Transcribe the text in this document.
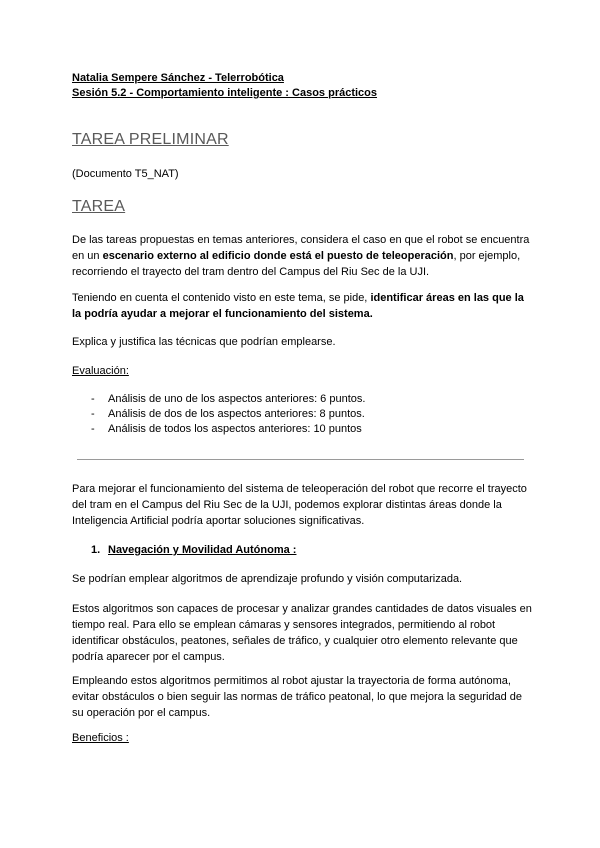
Natalia Sempere Sánchez - Telerrobótica
Sesión 5.2 - Comportamiento inteligente : Casos prácticos
TAREA PRELIMINAR
(Documento T5_NAT)
TAREA
De las tareas propuestas en temas anteriores, considera el caso en que el robot se encuentra en un escenario externo al edificio donde está el puesto de teleoperación, por ejemplo, recorriendo el trayecto del tram dentro del Campus del Riu Sec de la UJI.
Teniendo en cuenta el contenido visto en este tema, se pide, identificar áreas en las que la la podría ayudar a mejorar el funcionamiento del sistema.
Explica y justifica las técnicas que podrían emplearse.
Evaluación:
- Análisis de uno de los aspectos anteriores: 6 puntos.
- Análisis de dos de los aspectos anteriores: 8 puntos.
- Análisis de todos los aspectos anteriores: 10 puntos
Para mejorar el funcionamiento del sistema de teleoperación del robot que recorre el trayecto del tram en el Campus del Riu Sec de la UJI, podemos explorar distintas áreas donde la Inteligencia Artificial podría aportar soluciones significativas.
1. Navegación y Movilidad Autónoma :
Se podrían emplear algoritmos de aprendizaje profundo y visión computarizada.
Estos algoritmos son capaces de procesar y analizar grandes cantidades de datos visuales en tiempo real. Para ello se emplean cámaras y sensores integrados, permitiendo al robot identificar obstáculos, peatones, señales de tráfico, y cualquier otro elemento relevante que podría aparecer por el campus.
Empleando estos algoritmos permitimos al robot ajustar la trayectoria de forma autónoma, evitar obstáculos o bien seguir las normas de tráfico peatonal, lo que mejora la seguridad de su operación por el campus.
Beneficios :
